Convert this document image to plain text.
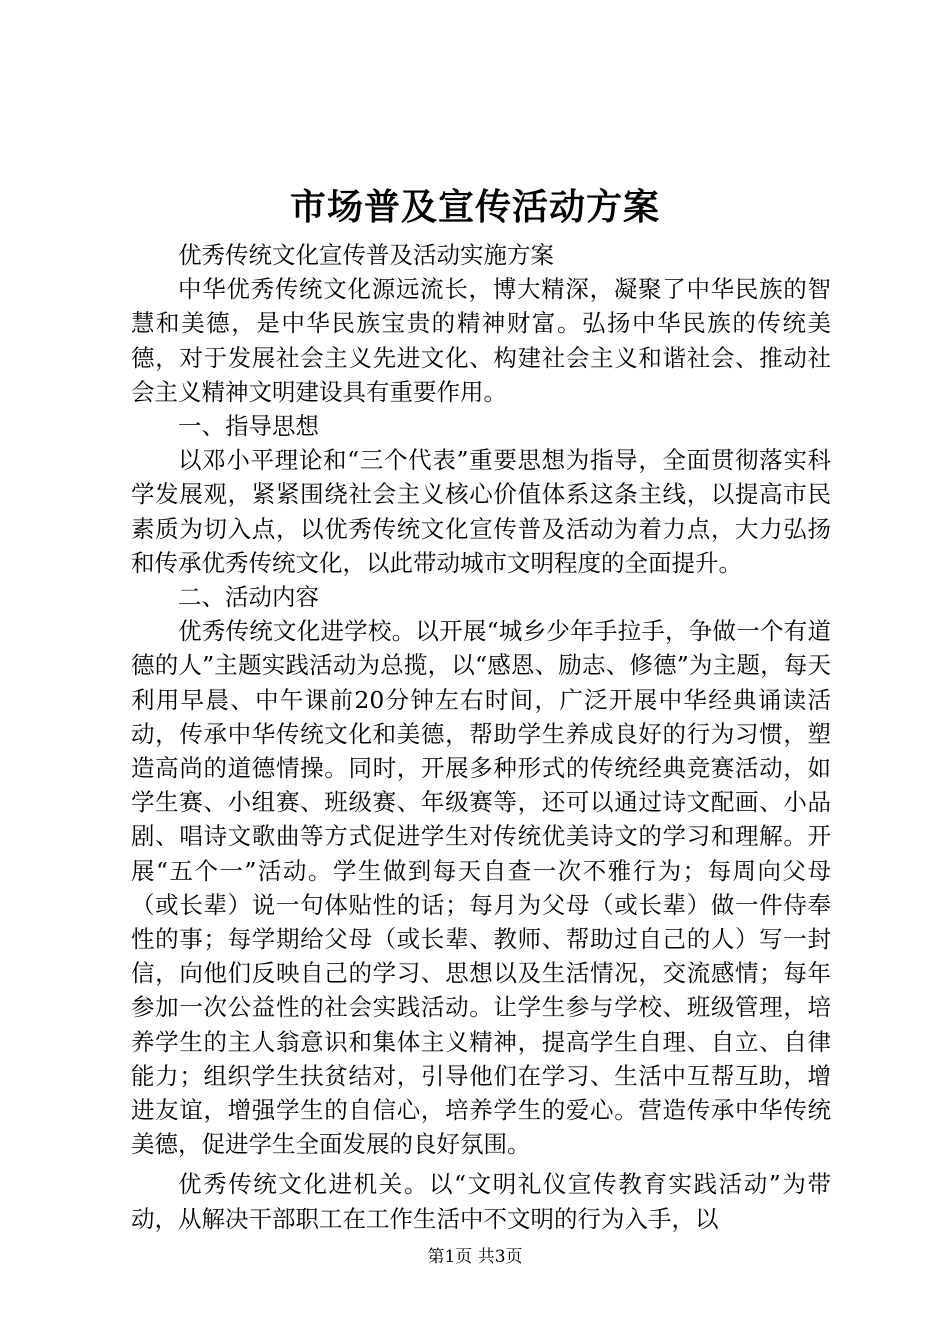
市场普及宣传活动方案

优秀传统文化宣传普及活动实施方案

中华优秀传统文化源远流长，博大精深，凝聚了中华民族的智慧和美德，是中华民族宝贵的精神财富。弘扬中华民族的传统美德，对于发展社会主义先进文化、构建社会主义和谐社会、推动社会主义精神文明建设具有重要作用。

一、指导思想

以邓小平理论和“三个代表”重要思想为指导，全面贯彻落实科学发展观，紧紧围绕社会主义核心价值体系这条主线，以提高市民素质为切入点，以优秀传统文化宣传普及活动为着力点，大力弘扬和传承优秀传统文化，以此带动城市文明程度的全面提升。

二、活动内容

优秀传统文化进学校。以开展“城乡少年手拉手，争做一个有道德的人”主题实践活动为总揽，以“感恩、励志、修德”为主题，每天利用早晨、中午课前20分钟左右时间，广泛开展中华经典诵读活动，传承中华传统文化和美德，帮助学生养成良好的行为习惯，塑造高尚的道德情操。同时，开展多种形式的传统经典竞赛活动，如学生赛、小组赛、班级赛、年级赛等，还可以通过诗文配画、小品剧、唱诗文歌曲等方式促进学生对传统优美诗文的学习和理解。开展“五个一”活动。学生做到每天自查一次不雅行为；每周向父母（或长辈）说一句体贴性的话；每月为父母（或长辈）做一件侍奉性的事；每学期给父母（或长辈、教师、帮助过自己的人）写一封信，向他们反映自己的学习、思想以及生活情况，交流感情；每年参加一次公益性的社会实践活动。让学生参与学校、班级管理，培养学生的主人翁意识和集体主义精神，提高学生自理、自立、自律能力；组织学生扶贫结对，引导他们在学习、生活中互帮互助，增进友谊，增强学生的自信心，培养学生的爱心。营造传承中华传统美德，促进学生全面发展的良好氛围。

优秀传统文化进机关。以“文明礼仪宣传教育实践活动”为带动，从解决干部职工在工作生活中不文明的行为入手，以

第1页 共3页
